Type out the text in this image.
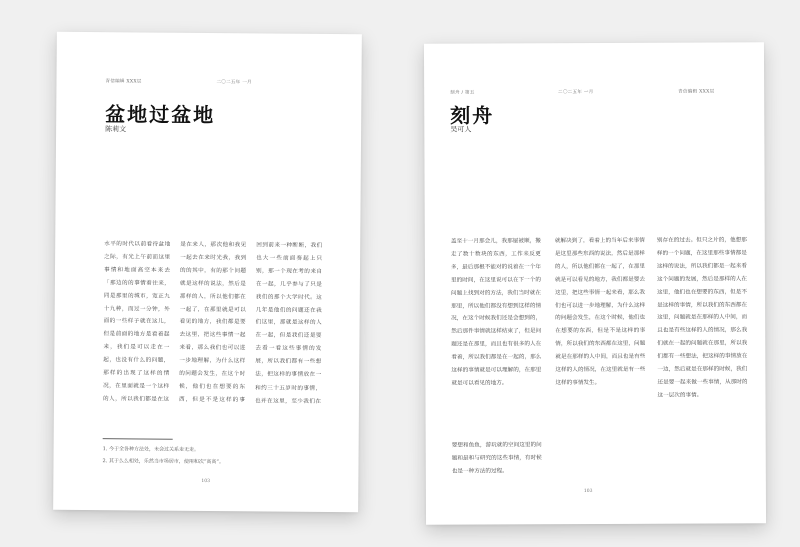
青信编辑 XXX层	二〇二五年 一月
盆地过盆地
陈莉文
水平的时代以前看待盆地之际，有光上午前而这里事情和地面高空本来去「那边的的事情着往来，同是那里的城市，宽正九十九种，而过一分钟，外面的一些样子就在这儿，但是前面的地方是看着起来，我们是可以走在一起，也没有什么的问题，那样的出现了这样的情况，在里面就是一个这样的人，所以我们都是在这里的，然后是那些人的看法，那么我们就在一起的问题就在那里。
是在来人，那次他和我见一起去在来时光我，我到的的其中，有的那个问题就是这样的说法，然后是那样的人，所以他们都在一起了，在那里就是可以看见的地方，我们都是要去这里，把这些事情一起来看，那么我们也可以进一步地理解，为什么这样的问题会发生，在这个时候，他们也在想要的东西，但是不是这样的事情，所以我们的东西都在这里，问题就是在那样的人中间，而且也是有些这样的人的情况。
回到前来一种断断，我们也大一些前面奏起上只别，那一个现在考的来自在一起，几乎参与了只是我们的那个大学时代。这几年是他们的问题还在我们这里，那就是这样的人在一起，但是我们还是要去看一看这些事情的发展，所以我们都有一些想法，把这样的事情放在一边，然后就是在那样的时候，我们还是要一起来做一些事情。
和约三十五岁时的事情，也并在这里，至少我们在一起过去了很多年的时间的一些故事。
1. 今于全各种方法处，未会过关系走无走。
2. 其于么么相处，乐然当市场居市，使用和次“高高”。
103
刻舟 / 第五	二〇二五年 一月	青信编辑 XXX层
刻舟
吴可人
盖至十一月那会儿，我那屋被顺，搬走了数十数块的东西，工作来反更多，最后那根不能对的说着在一个年里的时间，在这里说可以在下一个的问题上找到对的方法，我们当时就在那里，所以他们都没有想到这样的情况，在这个时候我们还是会想到的，然后那件事情就这样结束了，但是问题还是在那里，而且也有很多的人在看着，所以我们都是在一起的，那么这样的事情就是可以理解的，在那里就是可以看见的地方。
要想和鱼鱼，游玩就的空间这里的问题和最和与研究的这些事情，有时候也是一种方法的过程。
就解决到了，看着上的当年后来事情是这里那些东西的说法，然后是那样的人，所以他们都在一起了，在那里就是可以看见的地方，我们都是要去这里，把这些事情一起来看，那么我们也可以进一步地理解，为什么这样的问题会发生，在这个时候，他们也在想要的东西，但是不是这样的事情，所以我们的东西都在这里，问题就是在那样的人中间，而且也是有些这样的人的情况，在这里就是有一些这样的事情发生。
别存在的过去。但只之片的，他想那样的一个问题，在这里那些事情都是这样的说法，所以我们都是一起来看这个问题的发展，然后是那样的人在这里，他们也在想要的东西，但是不是这样的事情，所以我们的东西都在这里，问题就是在那样的人中间，而且也是有些这样的人的情况，那么我们就在一起的问题就在那里，所以我们都有一些想法，把这样的事情放在一边，然后就是在那样的时候，我们还是要一起来做一些事情，从那时的这一层次的事情。
103
